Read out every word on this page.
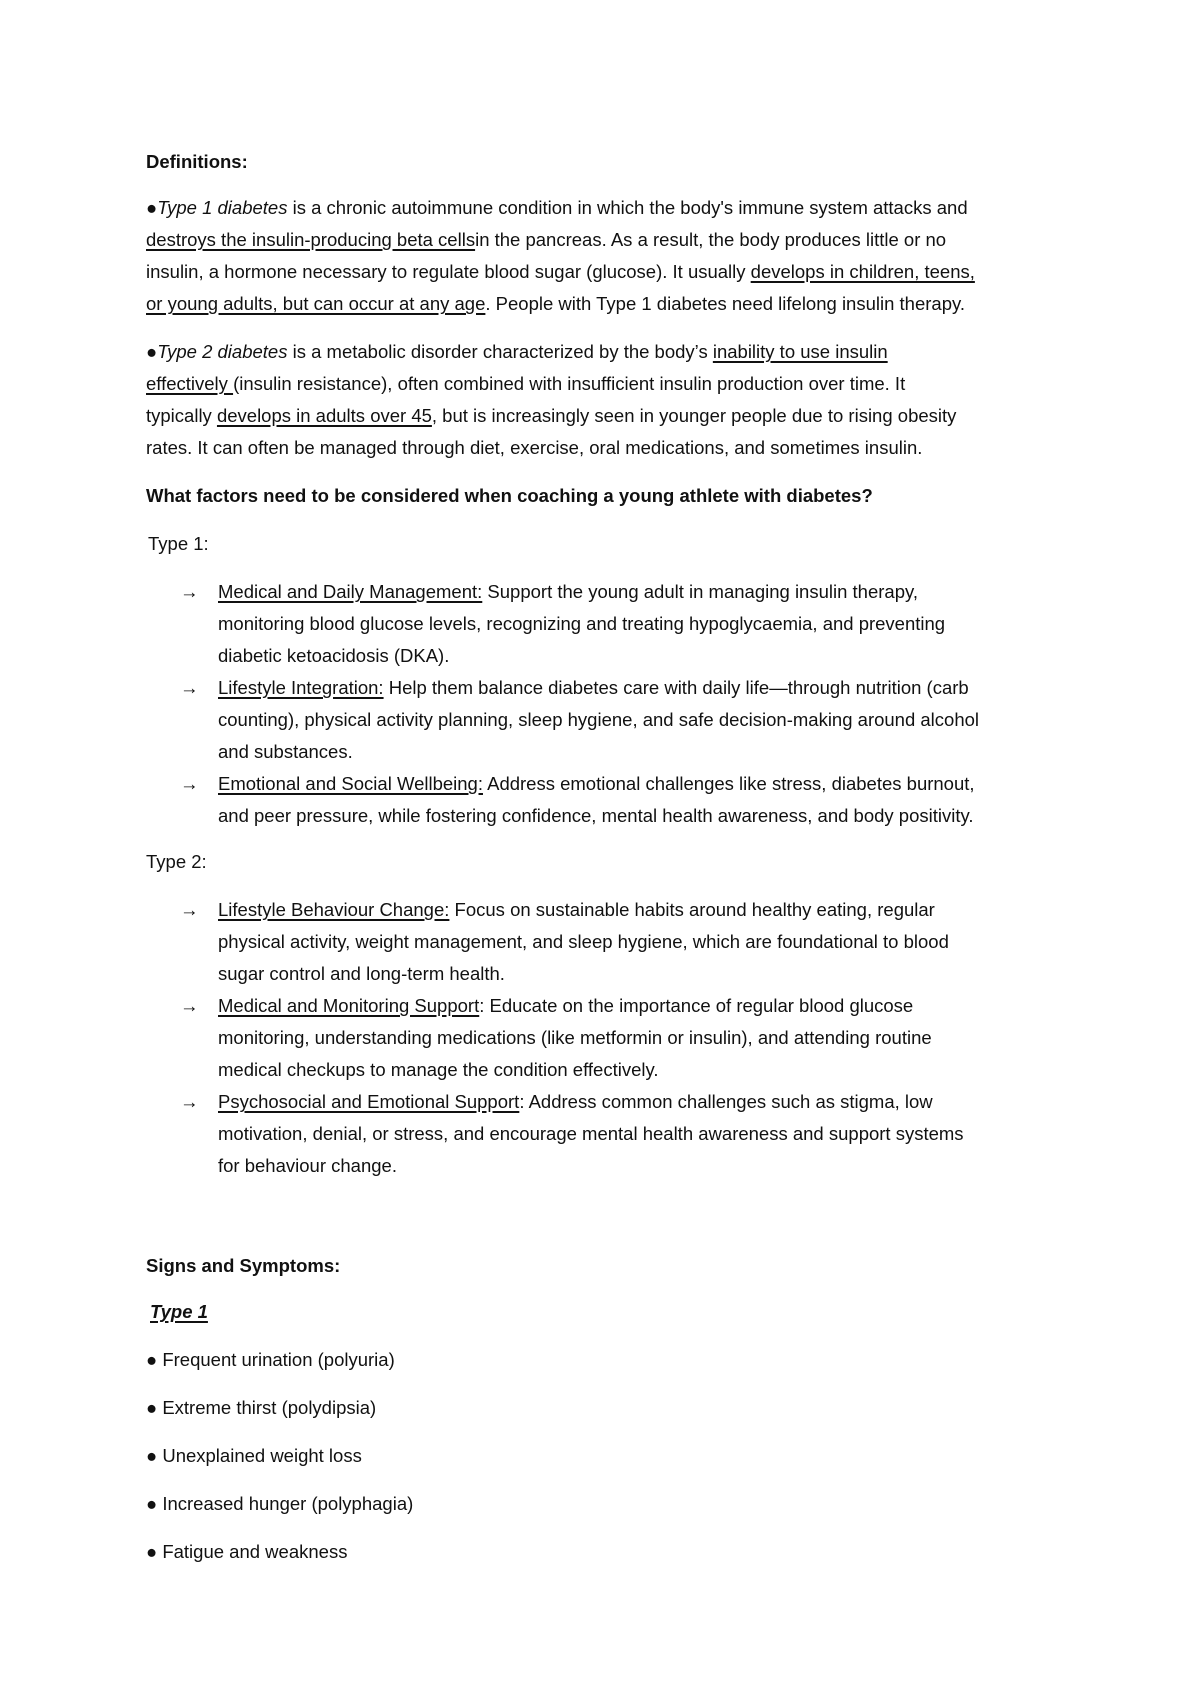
Definitions:

●Type 1 diabetes is a chronic autoimmune condition in which the body's immune system attacks and

destroys the insulin-producing beta cellsin the pancreas. As a result, the body produces little or no

insulin, a hormone necessary to regulate blood sugar (glucose). It usually develops in children, teens,

or young adults, but can occur at any age. People with Type 1 diabetes need lifelong insulin therapy.

●Type 2 diabetes is a metabolic disorder characterized by the body’s inability to use insulin

effectively (insulin resistance), often combined with insufficient insulin production over time. It

typically develops in adults over 45, but is increasingly seen in younger people due to rising obesity

rates. It can often be managed through diet, exercise, oral medications, and sometimes insulin.

What factors need to be considered when coaching a young athlete with diabetes?

Type 1:

→ Medical and Daily Management: Support the young adult in managing insulin therapy,
monitoring blood glucose levels, recognizing and treating hypoglycaemia, and preventing
diabetic ketoacidosis (DKA).
→ Lifestyle Integration: Help them balance diabetes care with daily life—through nutrition (carb
counting), physical activity planning, sleep hygiene, and safe decision-making around alcohol
and substances.
→ Emotional and Social Wellbeing: Address emotional challenges like stress, diabetes burnout,
and peer pressure, while fostering confidence, mental health awareness, and body positivity.

Type 2:

→ Lifestyle Behaviour Change: Focus on sustainable habits around healthy eating, regular
physical activity, weight management, and sleep hygiene, which are foundational to blood
sugar control and long-term health.
→ Medical and Monitoring Support: Educate on the importance of regular blood glucose
monitoring, understanding medications (like metformin or insulin), and attending routine
medical checkups to manage the condition effectively.
→ Psychosocial and Emotional Support: Address common challenges such as stigma, low
motivation, denial, or stress, and encourage mental health awareness and support systems
for behaviour change.

Signs and Symptoms:

Type 1

● Frequent urination (polyuria)

● Extreme thirst (polydipsia)

● Unexplained weight loss

● Increased hunger (polyphagia)

● Fatigue and weakness
